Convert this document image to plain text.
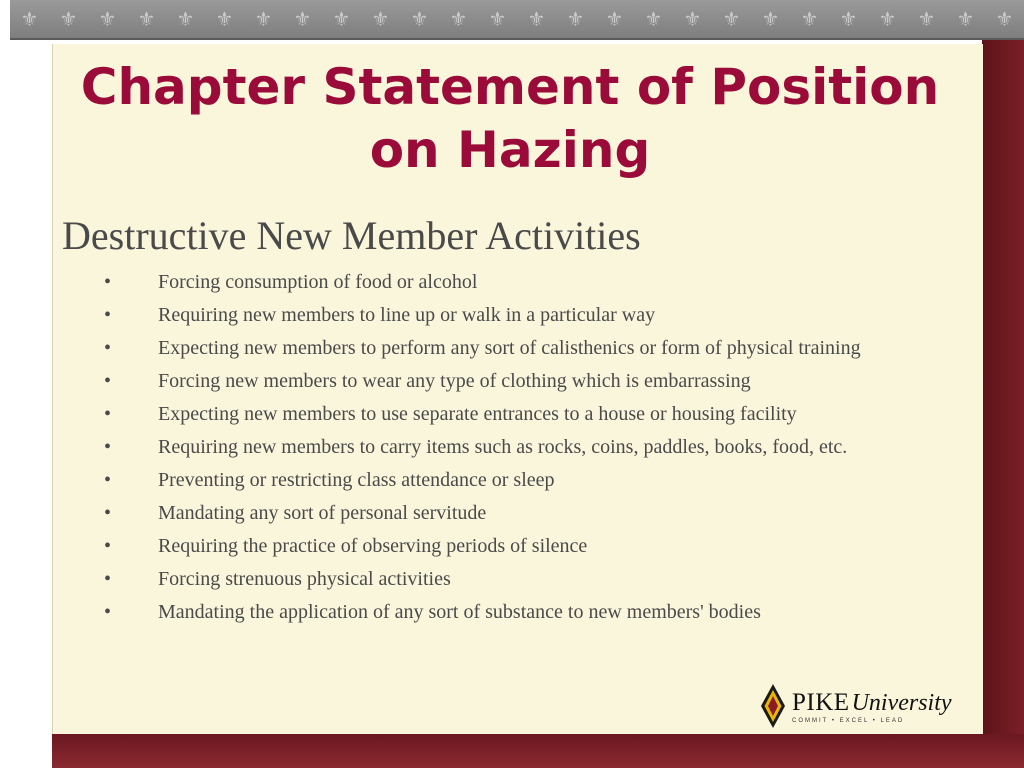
⚜ ⚜ ⚜ ⚜ ⚜ ⚜ ⚜ ⚜ ⚜ ⚜ ⚜ ⚜ ⚜ ⚜ ⚜ ⚜ ⚜ ⚜ ⚜ ⚜ ⚜ ⚜ ⚜ ⚜ ⚜ ⚜
Chapter Statement of Position on Hazing
Destructive New Member Activities
•	Forcing consumption of food or alcohol
•	Requiring new members to line up or walk in a particular way
•	Expecting new members to perform any sort of calisthenics or form of physical training
•	Forcing new members to wear any type of clothing which is embarrassing
•	Expecting new members to use separate entrances to a house or housing facility
•	Requiring new members to carry items such as rocks, coins, paddles, books, food, etc.
•	Preventing or restricting class attendance or sleep
•	Mandating any sort of personal servitude
•	Requiring the practice of observing periods of silence
•	Forcing strenuous physical activities
•	Mandating the application of any sort of substance to new members' bodies
PIKE University
COMMIT • EXCEL • LEAD
